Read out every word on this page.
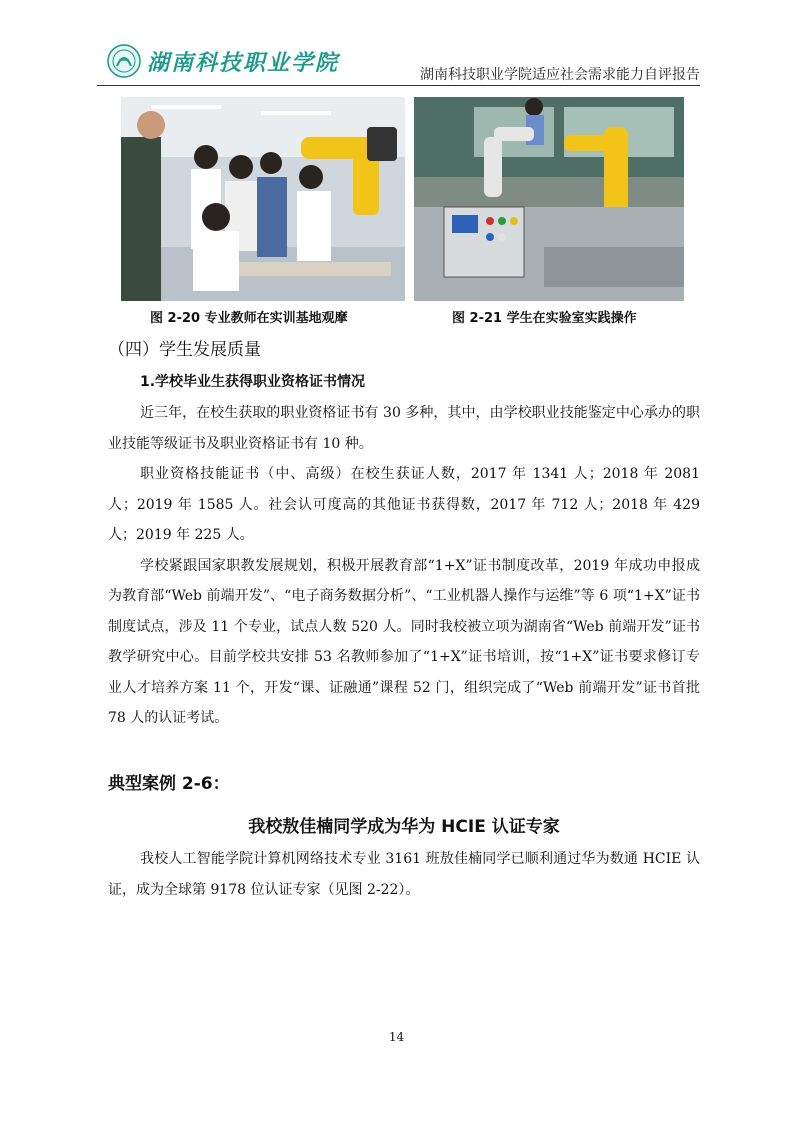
湖南科技职业学院	湖南科技职业学院适应社会需求能力自评报告
图 2-20 专业教师在实训基地观摩	图 2-21 学生在实验室实践操作
（四）学生发展质量
1.学校毕业生获得职业资格证书情况

近三年，在校生获取的职业资格证书有 30 多种，其中，由学校职业技能鉴定中心承办的职业技能等级证书及职业资格证书有 10 种。

职业资格技能证书（中、高级）在校生获证人数，2017 年 1341 人；2018 年 2081 人；2019 年 1585 人。社会认可度高的其他证书获得数，2017 年 712 人；2018 年 429 人；2019 年 225 人。

学校紧跟国家职教发展规划，积极开展教育部“1+X”证书制度改革，2019 年成功申报成为教育部“Web 前端开发”、“电子商务数据分析”、“工业机器人操作与运维”等 6 项“1+X”证书制度试点，涉及 11 个专业，试点人数 520 人。同时我校被立项为湖南省“Web 前端开发”证书教学研究中心。目前学校共安排 53 名教师参加了“1+X”证书培训，按“1+X”证书要求修订专业人才培养方案 11 个，开发“课、证融通”课程 52 门，组织完成了“Web 前端开发”证书首批 78 人的认证考试。

典型案例 2-6：
我校敖佳楠同学成为华为 HCIE 认证专家

我校人工智能学院计算机网络技术专业 3161 班敖佳楠同学已顺利通过华为数通 HCIE 认证，成为全球第 9178 位认证专家（见图 2-22）。

14
